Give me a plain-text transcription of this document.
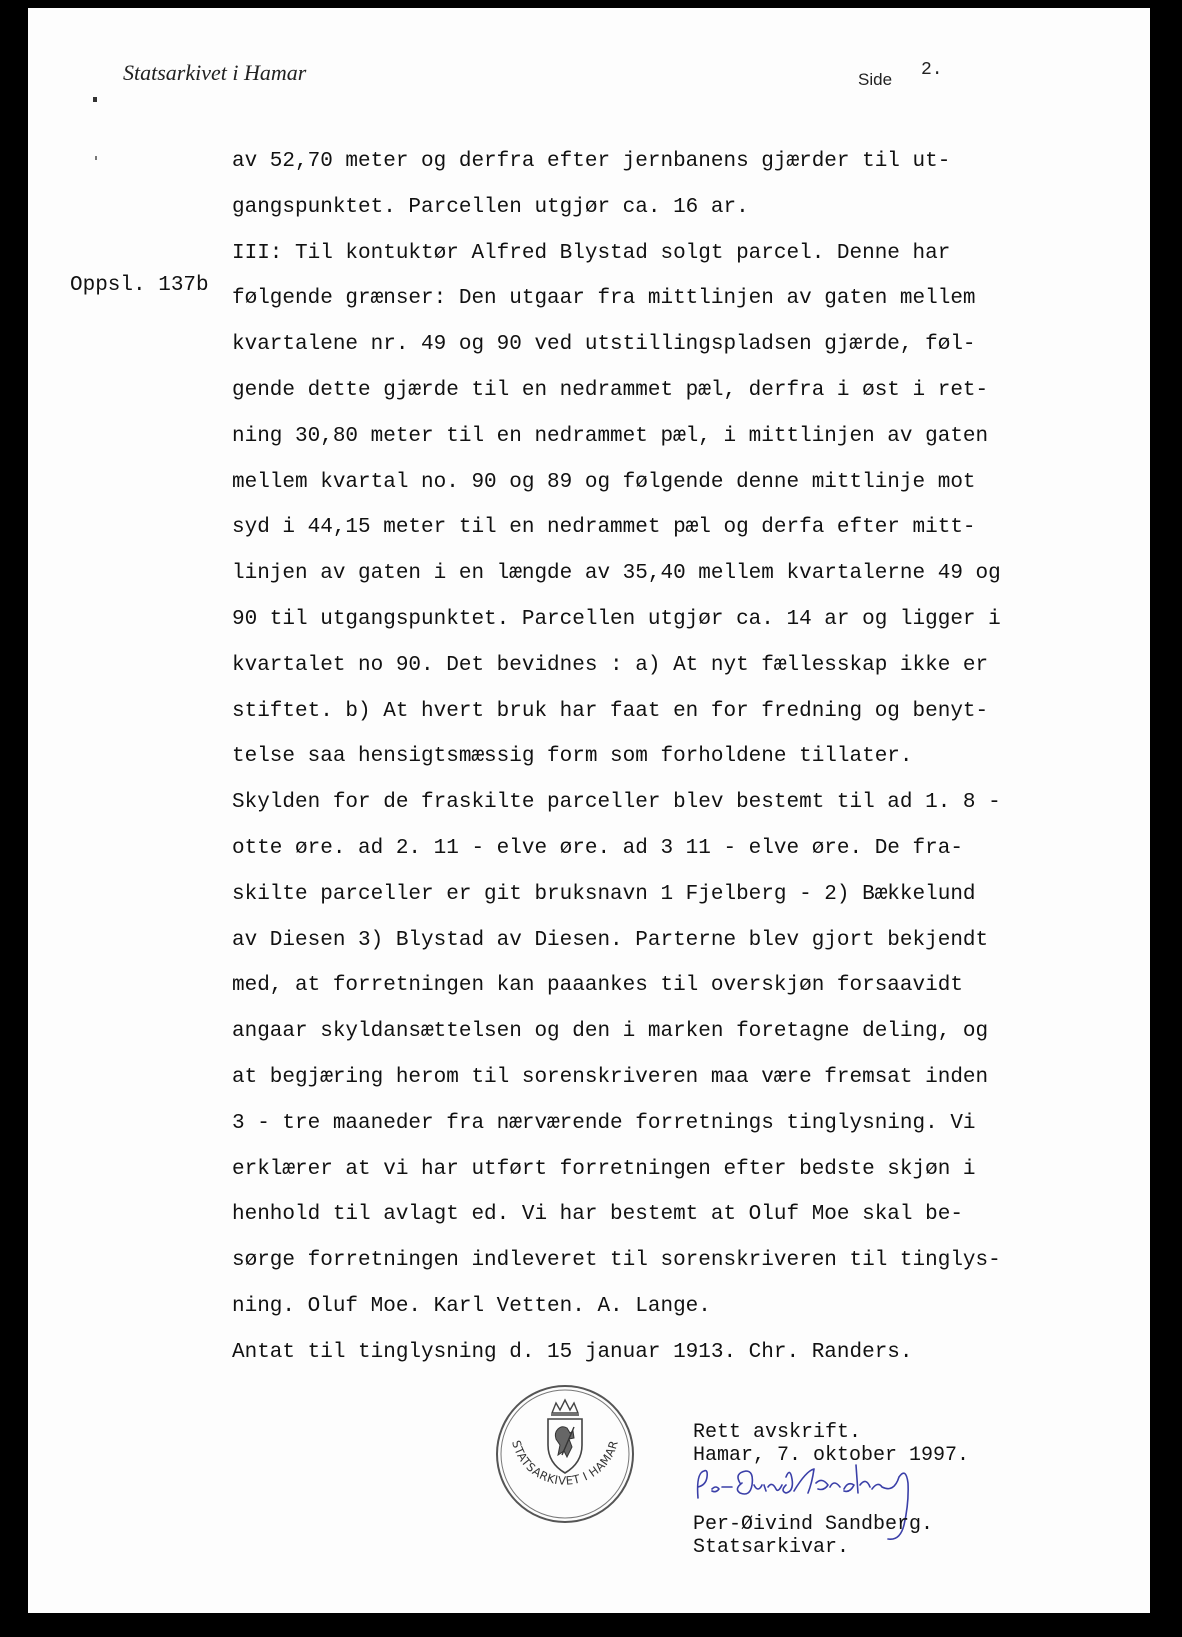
Statsarkivet i Hamar	Side 2.
Oppsl. 137b
av 52,70 meter og derfra efter jernbanens gjærder til ut-
gangspunktet. Parcellen utgjør ca. 16 ar.
III: Til kontuktør Alfred Blystad solgt parcel. Denne har
følgende grænser: Den utgaar fra mittlinjen av gaten mellem
kvartalene nr. 49 og 90 ved utstillingspladsen gjærde, føl-
gende dette gjærde til en nedrammet pæl, derfra i øst i ret-
ning 30,80 meter til en nedrammet pæl, i mittlinjen av gaten
mellem kvartal no. 90 og 89 og følgende denne mittlinje mot
syd i 44,15 meter til en nedrammet pæl og derfa efter mitt-
linjen av gaten i en længde av 35,40 mellem kvartalerne 49 og
90 til utgangspunktet. Parcellen utgjør ca. 14 ar og ligger i
kvartalet no 90. Det bevidnes : a) At nyt fællesskap ikke er
stiftet. b) At hvert bruk har faat en for fredning og benyt-
telse saa hensigtsmæssig form som forholdene tillater.
Skylden for de fraskilte parceller blev bestemt til ad 1. 8 -
otte øre. ad 2. 11 - elve øre. ad 3 11 - elve øre. De fra-
skilte parceller er git bruksnavn 1 Fjelberg - 2) Bækkelund
av Diesen 3) Blystad av Diesen. Parterne blev gjort bekjendt
med, at forretningen kan paaankes til overskjøn forsaavidt
angaar skyldansættelsen og den i marken foretagne deling, og
at begjæring herom til sorenskriveren maa være fremsat inden
3 - tre maaneder fra nærværende forretnings tinglysning. Vi
erklærer at vi har utført forretningen efter bedste skjøn i
henhold til avlagt ed. Vi har bestemt at Oluf Moe skal be-
sørge forretningen indleveret til sorenskriveren til tinglys-
ning. Oluf Moe. Karl Vetten. A. Lange.
Antat til tinglysning d. 15 januar 1913. Chr. Randers.
STATSARKIVET I HAMAR
Rett avskrift.
Hamar, 7. oktober 1997.
Per-Øivind Sandberg.
Statsarkivar.
